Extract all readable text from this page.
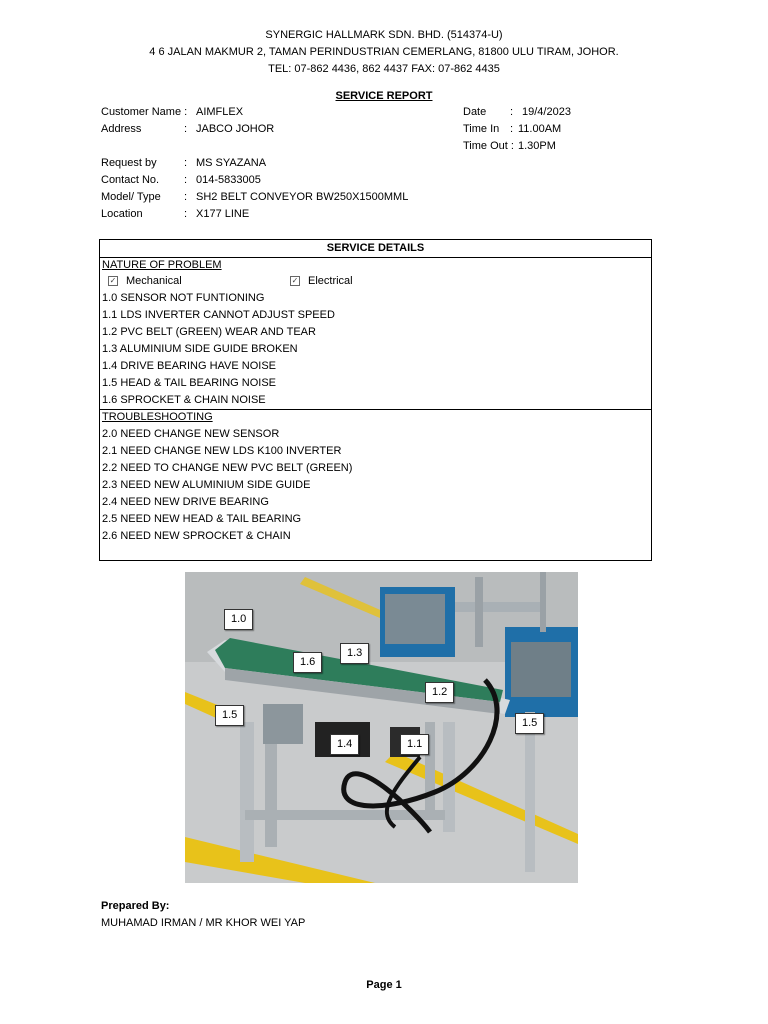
SYNERGIC HALLMARK SDN. BHD. (514374-U)
4 6 JALAN MAKMUR 2, TAMAN PERINDUSTRIAN CEMERLANG, 81800 ULU TIRAM, JOHOR.
TEL: 07-862 4436, 862 4437 FAX: 07-862 4435
SERVICE REPORT
Customer Name : AIMFLEX
Address	: JABCO JOHOR
Request by : MS SYAZANA
Contact No. : 014-5833005
Model/ Type : SH2 BELT CONVEYOR BW250X1500MML
Location	: X177 LINE
Date : 19/4/2023
Time In : 11.00AM
Time Out : 1.30PM
SERVICE DETAILS
NATURE OF PROBLEM
✓ Mechanical	✓ Electrical
1.0 SENSOR NOT FUNTIONING
1.1 LDS INVERTER CANNOT ADJUST SPEED
1.2 PVC BELT (GREEN) WEAR AND TEAR
1.3 ALUMINIUM SIDE GUIDE BROKEN
1.4 DRIVE BEARING HAVE NOISE
1.5 HEAD & TAIL BEARING NOISE
1.6 SPROCKET & CHAIN NOISE
TROUBLESHOOTING
2.0 NEED CHANGE NEW SENSOR
2.1 NEED CHANGE NEW LDS K100 INVERTER
2.2 NEED TO CHANGE NEW PVC BELT (GREEN)
2.3 NEED NEW ALUMINIUM SIDE GUIDE
2.4 NEED NEW DRIVE BEARING
2.5 NEED NEW HEAD & TAIL BEARING
2.6 NEED NEW SPROCKET & CHAIN
1.0
1.6
1.3
1.2
1.5
1.5
1.4	1.1
Prepared By:
MUHAMAD IRMAN / MR KHOR WEI YAP
Page 1
